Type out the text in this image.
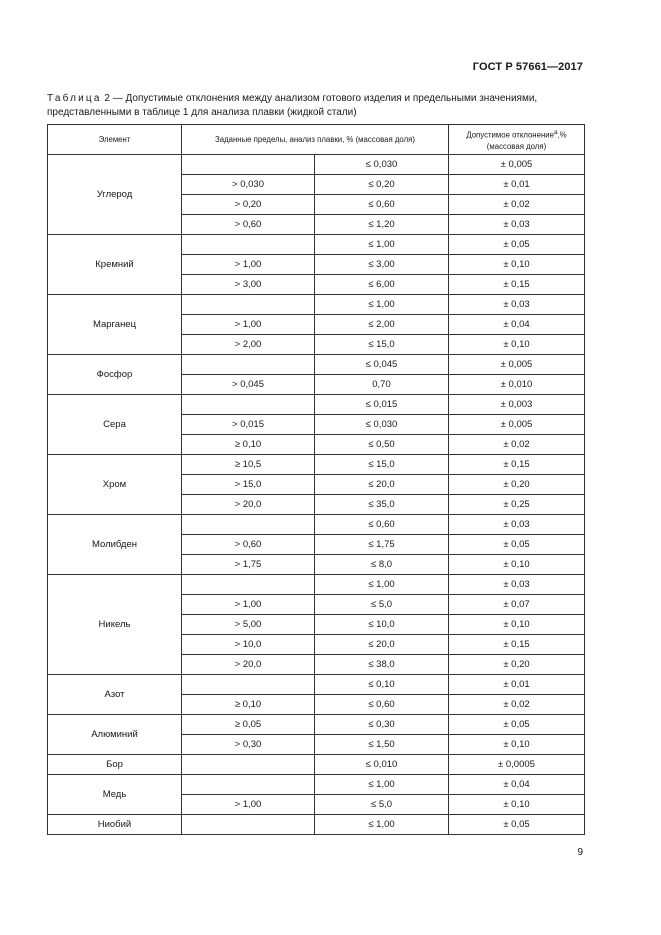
ГОСТ Р 57661—2017
Таблица 2 — Допустимые отклонения между анализом готового изделия и предельными значениями, представленными в таблице 1 для анализа плавки (жидкой стали)
Элемент	Заданные пределы, анализ плавки, % (массовая доля)		Допустимое отклонение$^а$,%
(массовая доля)
Углерод		≤ 0,030	± 0,005
	> 0,030	≤ 0,20	± 0,01
	> 0,20	≤ 0,60	± 0,02
	> 0,60	≤ 1,20	± 0,03
Кремний		≤ 1,00	± 0,05
	> 1,00	≤ 3,00	± 0,10
	> 3,00	≤ 6,00	± 0,15
Марганец		≤ 1,00	± 0,03
	> 1,00	≤ 2,00	± 0,04
	> 2,00	≤ 15,0	± 0,10
Фосфор		≤ 0,045	± 0,005
	> 0,045	0,70	± 0,010
Сера		≤ 0,015	± 0,003
	> 0,015	≤ 0,030	± 0,005
	≥ 0,10	≤ 0,50	± 0,02
Хром	≥ 10,5	≤ 15,0	± 0,15
	> 15,0	≤ 20,0	± 0,20
	> 20,0	≤ 35,0	± 0,25
Молибден		≤ 0,60	± 0,03
	> 0,60	≤ 1,75	± 0,05
	> 1,75	≤ 8,0	± 0,10
Никель		≤ 1,00	± 0,03
	> 1,00	≤ 5,0	± 0,07
	> 5,00	≤ 10,0	± 0,10
	> 10,0	≤ 20,0	± 0,15
	> 20,0	≤ 38,0	± 0,20
Азот		≤ 0,10	± 0,01
	≥ 0,10	≤ 0,60	± 0,02
Алюминий	≥ 0,05	≤ 0,30	± 0,05
	> 0,30	≤ 1,50	± 0,10
Бор		≤ 0,010	± 0,0005
Медь		≤ 1,00	± 0,04
	> 1,00	≤ 5,0	± 0,10
Ниобий		≤ 1,00	± 0,05
9
